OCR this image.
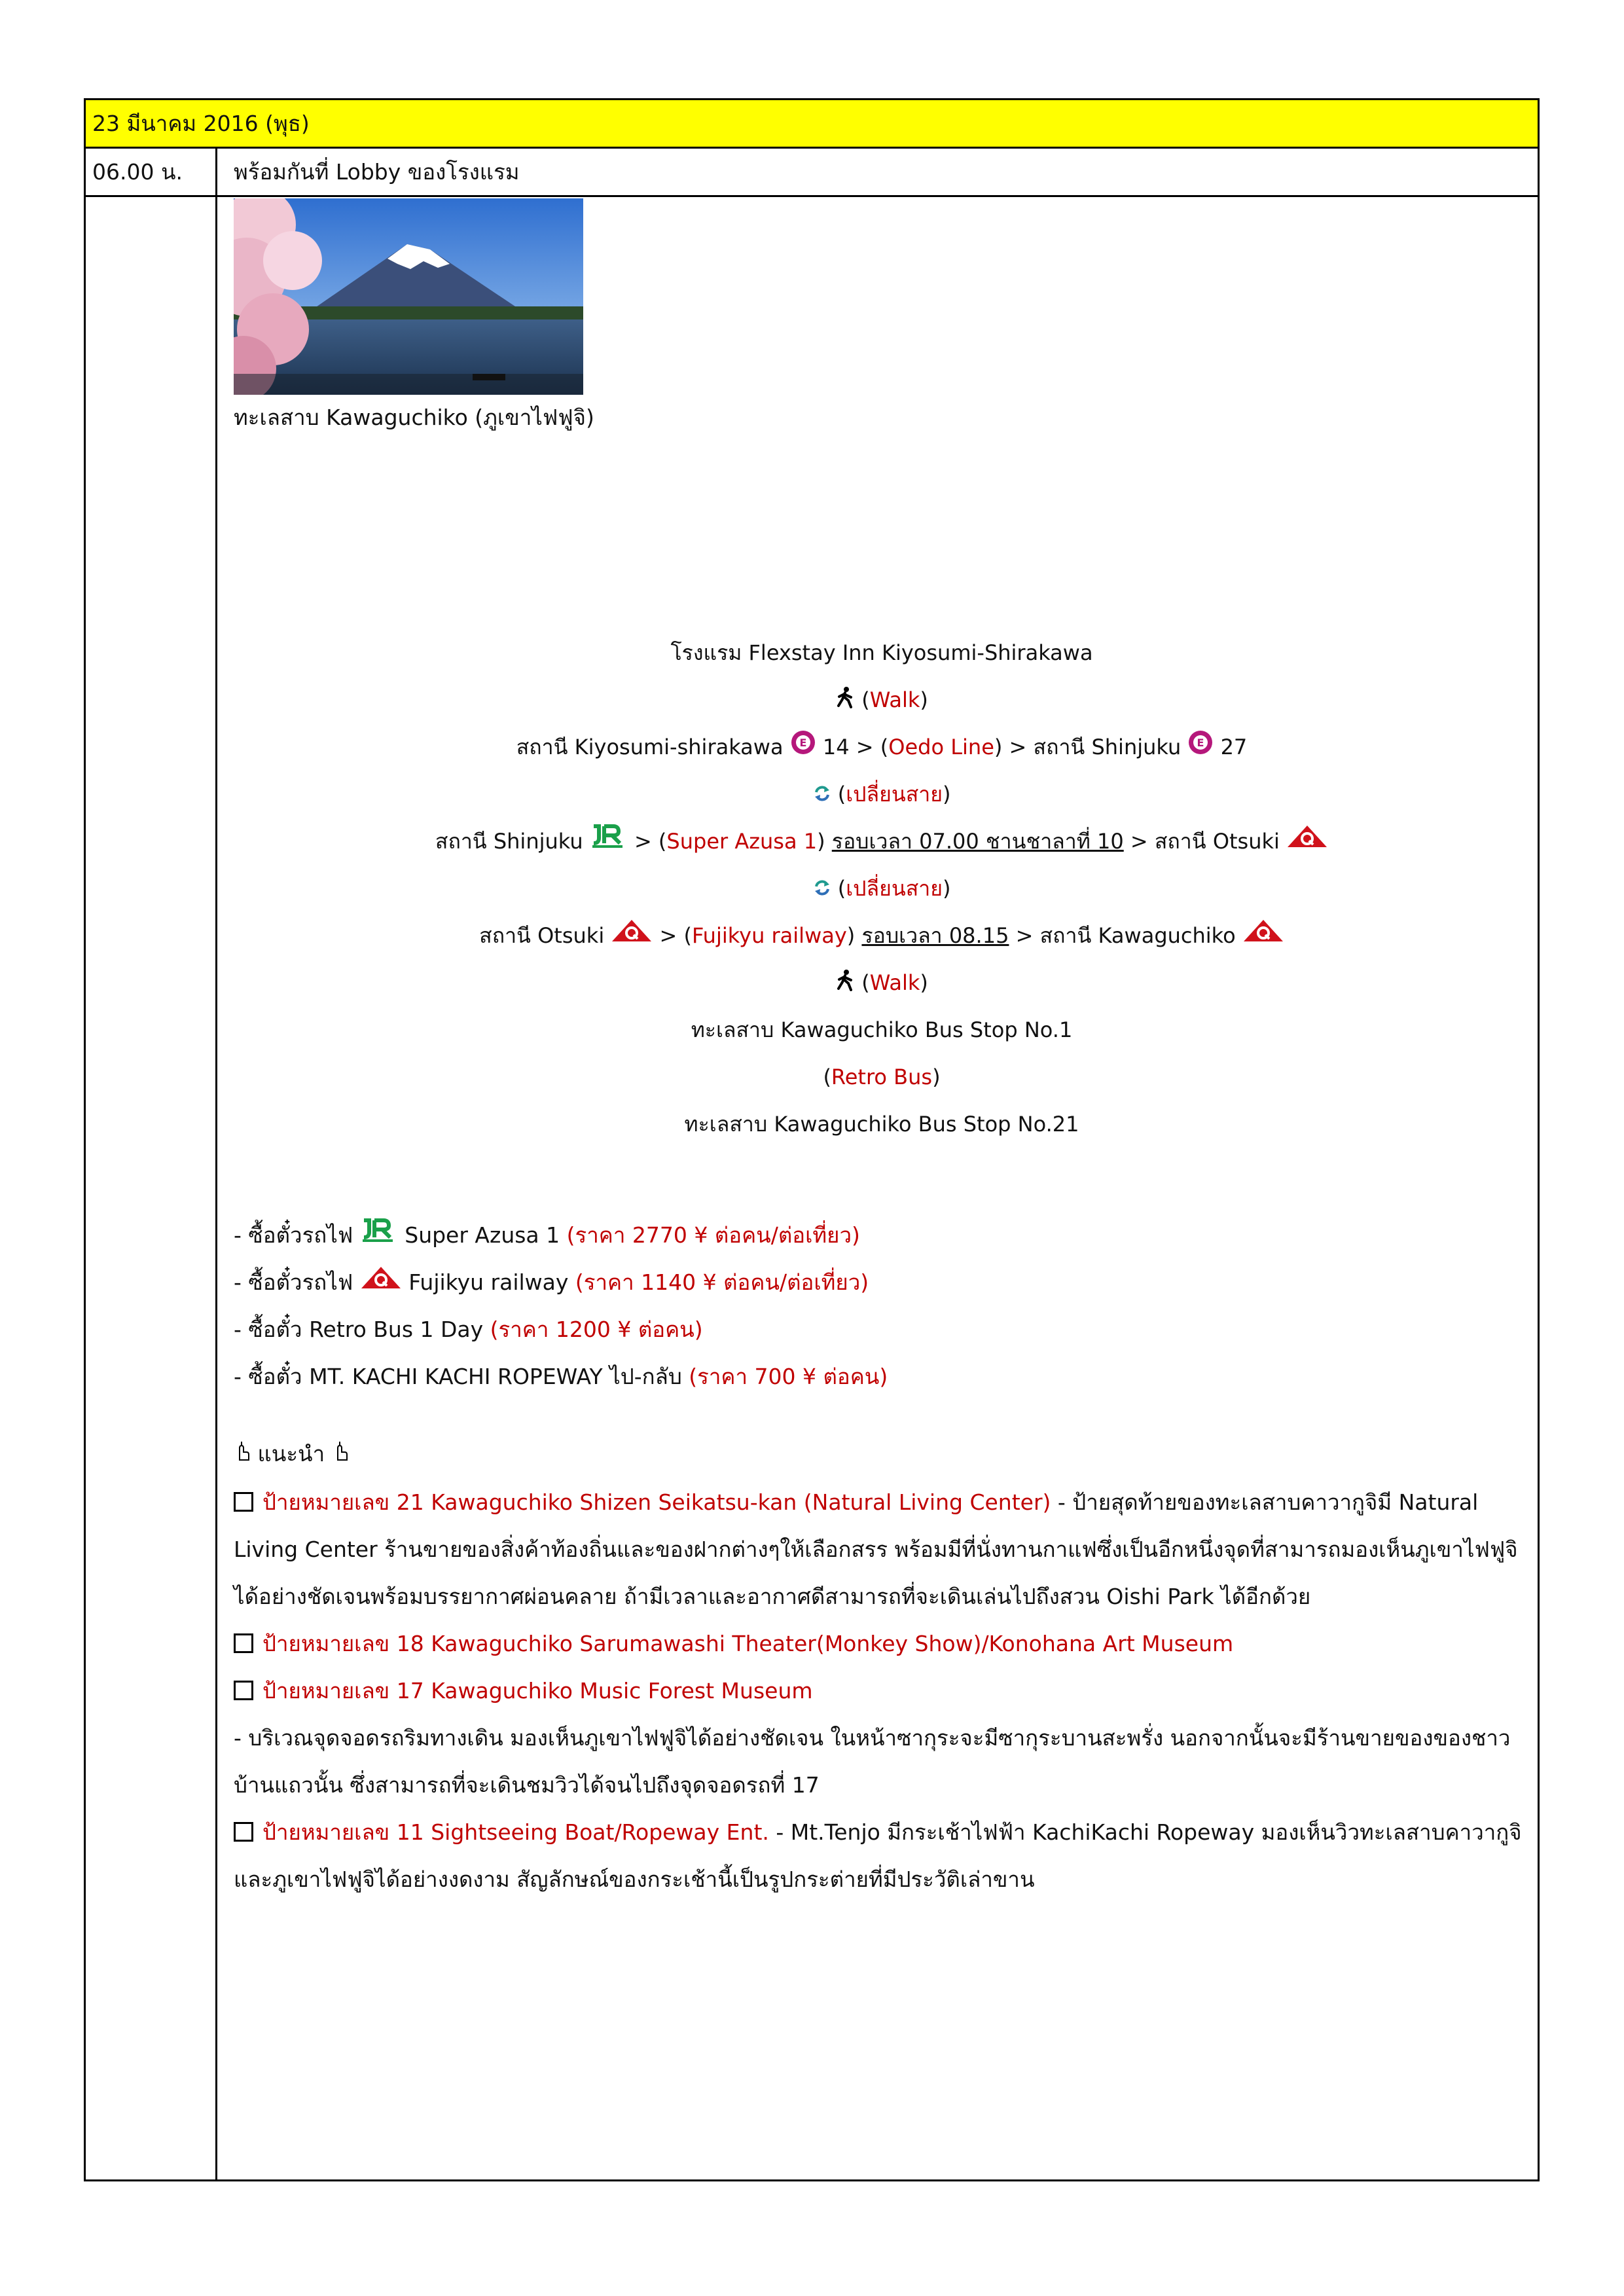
23 มีนาคม 2016 (พุธ)
06.00 น. พร้อมกันที่ Lobby ของโรงแรม
ทะเลสาบ Kawaguchiko (ภูเขาไฟฟูจิ)
โรงแรม Flexstay Inn Kiyosumi-Shirakawa
(Walk)
สถานี Kiyosumi-shirakawa E 14 > (Oedo Line) > สถานี Shinjuku E 27
(เปลี่ยนสาย)
สถานี Shinjuku  > (Super Azusa 1) รอบเวลา 07.00 ชานชาลาที่ 10 > สถานี Otsuki
(เปลี่ยนสาย)
สถานี Otsuki  > (Fujikyu railway) รอบเวลา 08.15 > สถานี Kawaguchiko
(Walk)
ทะเลสาบ Kawaguchiko Bus Stop No.1
(Retro Bus)
ทะเลสาบ Kawaguchiko Bus Stop No.21
- ซื้อตั๋วรถไฟ Super Azusa 1 (ราคา 2770 ¥ ต่อคน/ต่อเที่ยว)
- ซื้อตั๋วรถไฟ	Fujikyu railway (ราคา 1140 ¥ ต่อคน/ต่อเที่ยว)
- ซื้อตั๋ว Retro Bus 1 Day (ราคา 1200 ¥ ต่อคน)
- ซื้อตั๋ว MT. KACHI KACHI ROPEWAY ไป-กลับ (ราคา 700 ¥ ต่อคน)

แนะนำ

ป้ายหมายเลข 21 Kawaguchiko Shizen Seikatsu-kan (Natural Living Center) - ป้ายสุดท้ายของทะเลสาบคาวากูจิมี Natural Living Center ร้านขายของสิ่งค้าท้องถิ่นและของฝากต่างๆให้เลือกสรร พร้อมมีที่นั่งทานกาแฟซึ่งเป็นอีกหนึ่งจุดที่สามารถมองเห็นภูเขาไฟฟูจิได้อย่างชัดเจนพร้อมบรรยากาศผ่อนคลาย ถ้ามีเวลาและอากาศดีสามารถที่จะเดินเล่นไปถึงสวน Oishi Park ได้อีกด้วย

ป้ายหมายเลข 18 Kawaguchiko Sarumawashi Theater(Monkey Show)/Konohana Art Museum

ป้ายหมายเลข 17 Kawaguchiko Music Forest Museum

- บริเวณจุดจอดรถริมทางเดิน มองเห็นภูเขาไฟฟูจิได้อย่างชัดเจน ในหน้าซากุระจะมีซากุระบานสะพรั่ง นอกจากนั้นจะมีร้านขายของของชาวบ้านแถวนั้น ซึ่งสามารถที่จะเดินชมวิวได้จนไปถึงจุดจอดรถที่ 17

ป้ายหมายเลข 11 Sightseeing Boat/Ropeway Ent. - Mt.Tenjo มีกระเช้าไฟฟ้า KachiKachi Ropeway มองเห็นวิวทะเลสาบคาวากูจิและภูเขาไฟฟูจิได้อย่างงดงาม สัญลักษณ์ของกระเช้านี้เป็นรูปกระต่ายที่มีประวัติเล่าขาน
